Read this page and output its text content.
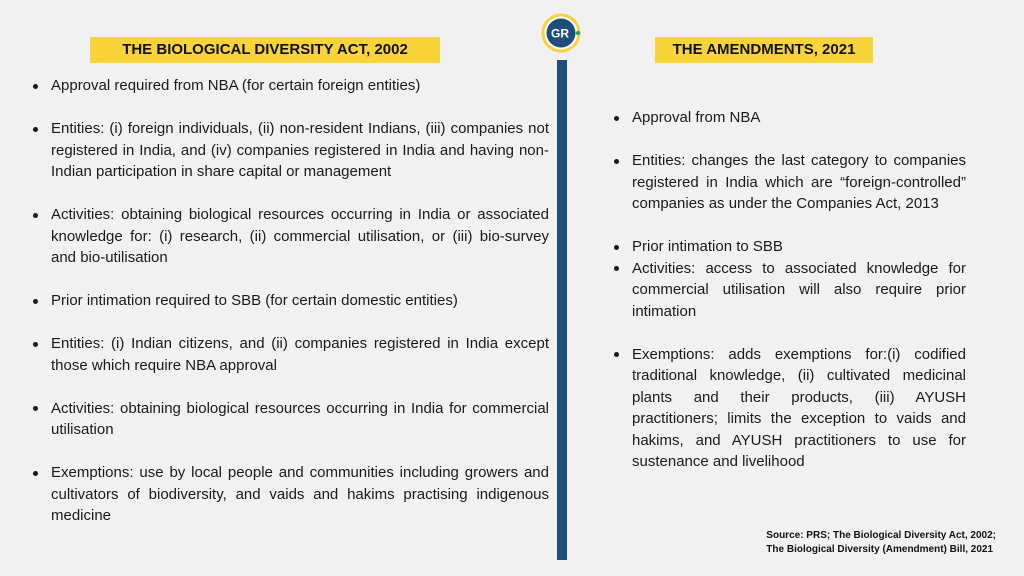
THE BIOLOGICAL DIVERSITY ACT, 2002	THE AMENDMENTS, 2021
GR
Approval required from NBA (for certain foreign entities)
Entities: (i) foreign individuals, (ii) non-resident Indians, (iii) companies not registered in India, and (iv) companies registered in India and having non-Indian participation in share capital or management
Activities: obtaining biological resources occurring in India or associated knowledge for: (i) research, (ii) commercial utilisation, or (iii) bio-survey and bio-utilisation
Prior intimation required to SBB (for certain domestic entities)
Entities: (i) Indian citizens, and (ii) companies registered in India except those which require NBA approval
Activities: obtaining biological resources occurring in India for commercial utilisation
Exemptions: use by local people and communities including growers and cultivators of biodiversity, and vaids and hakims practising indigenous medicine
Approval from NBA
Entities: changes the last category to companies registered in India which are “foreign-controlled” companies as under the Companies Act, 2013
Prior intimation to SBB
Activities: access to associated knowledge for commercial utilisation will also require prior intimation
Exemptions: adds exemptions for:(i) codified traditional knowledge, (ii) cultivated medicinal plants and their products, (iii) AYUSH practitioners; limits the exception to vaids and hakims, and AYUSH practitioners to use for sustenance and livelihood
Source: PRS; The Biological Diversity Act, 2002;
The Biological Diversity (Amendment) Bill, 2021
